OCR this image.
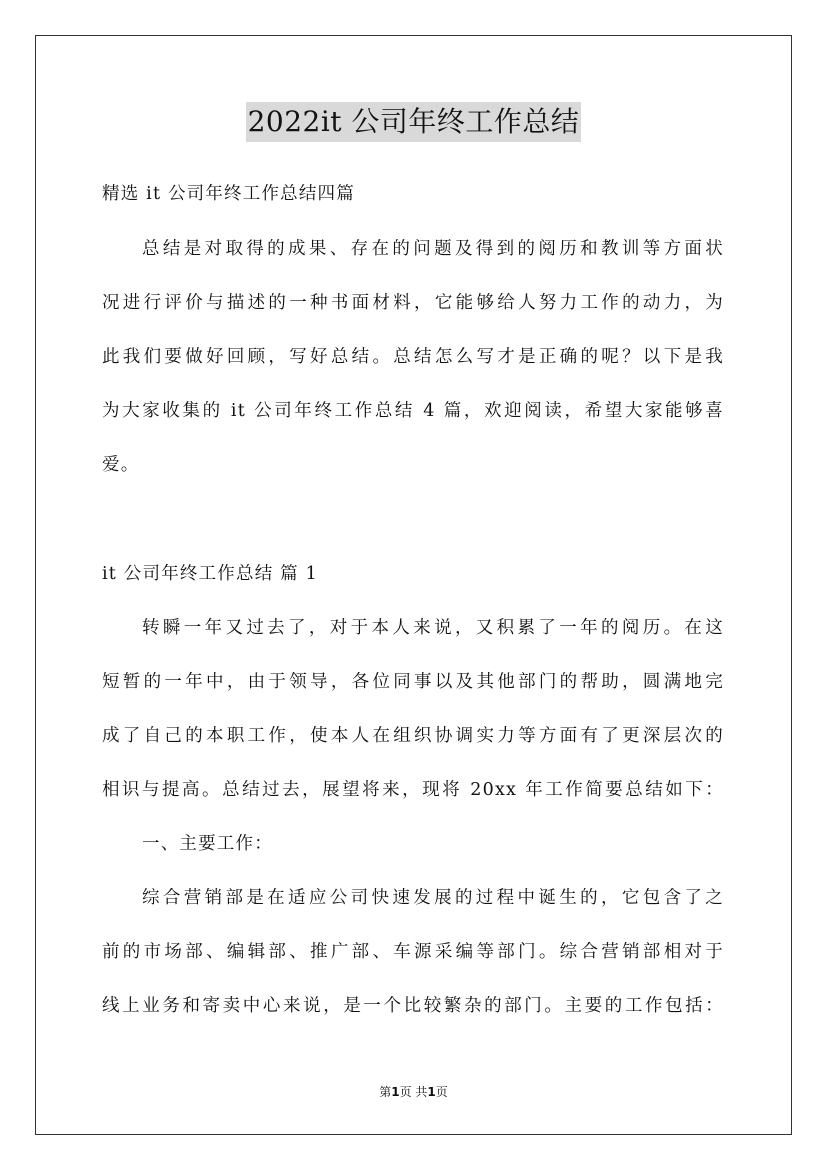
2022it 公司年终工作总结
精选 it 公司年终工作总结四篇
总结是对取得的成果、存在的问题及得到的阅历和教训等方面状
况进行评价与描述的一种书面材料，它能够给人努力工作的动力，为
此我们要做好回顾，写好总结。总结怎么写才是正确的呢？以下是我
为大家收集的 it 公司年终工作总结 4 篇，欢迎阅读，希望大家能够喜
爱。
it 公司年终工作总结 篇 1
转瞬一年又过去了，对于本人来说，又积累了一年的阅历。在这
短暂的一年中，由于领导，各位同事以及其他部门的帮助，圆满地完
成了自己的本职工作，使本人在组织协调实力等方面有了更深层次的
相识与提高。总结过去，展望将来，现将 20xx 年工作简要总结如下：
一、主要工作：
综合营销部是在适应公司快速发展的过程中诞生的，它包含了之
前的市场部、编辑部、推广部、车源采编等部门。综合营销部相对于
线上业务和寄卖中心来说，是一个比较繁杂的部门。主要的工作包括：
第1页 共1页
